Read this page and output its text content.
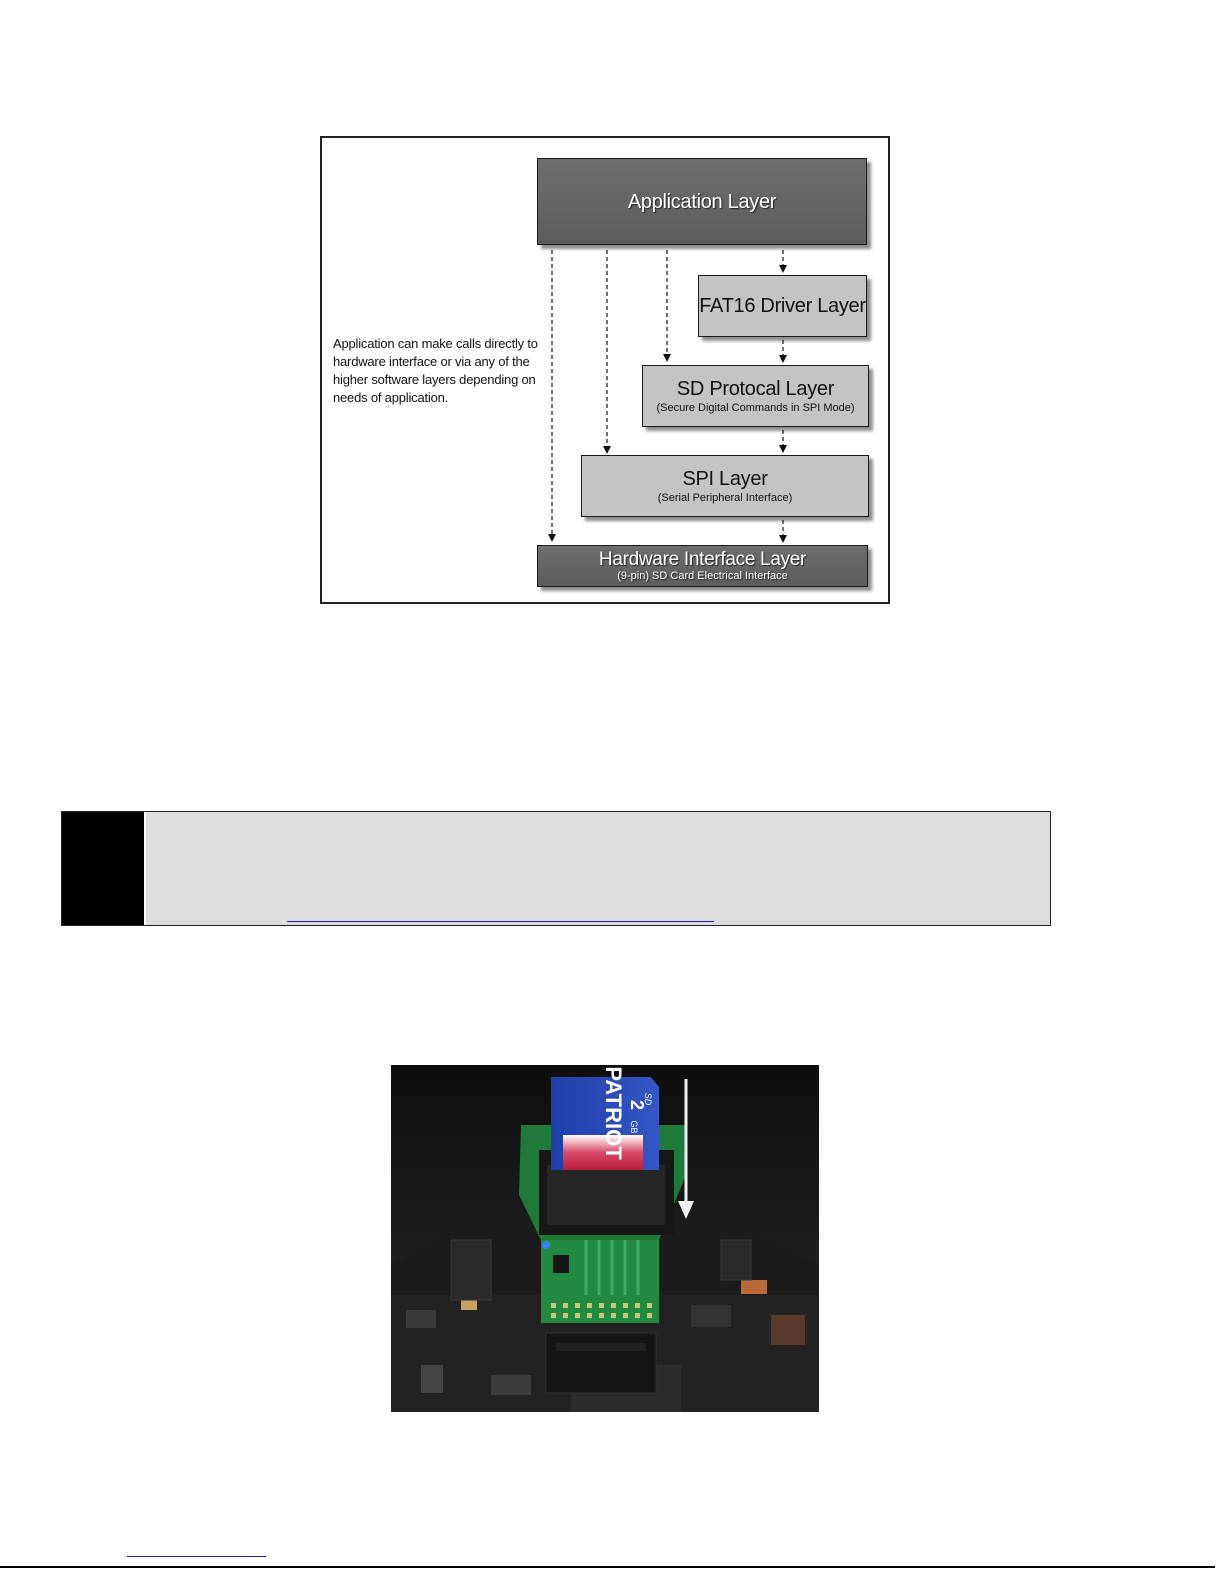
Application Layer
FAT16 Driver Layer
SD Protocal Layer
(Secure Digital Commands in SPI Mode)
SPI Layer
(Serial Peripheral Interface)
Hardware Interface Layer
(9-pin) SD Card Electrical Interface
Application can make calls directly to hardware interface or via any of the higher software layers depending on needs of application.
PATRIOT 2
GB
SD
